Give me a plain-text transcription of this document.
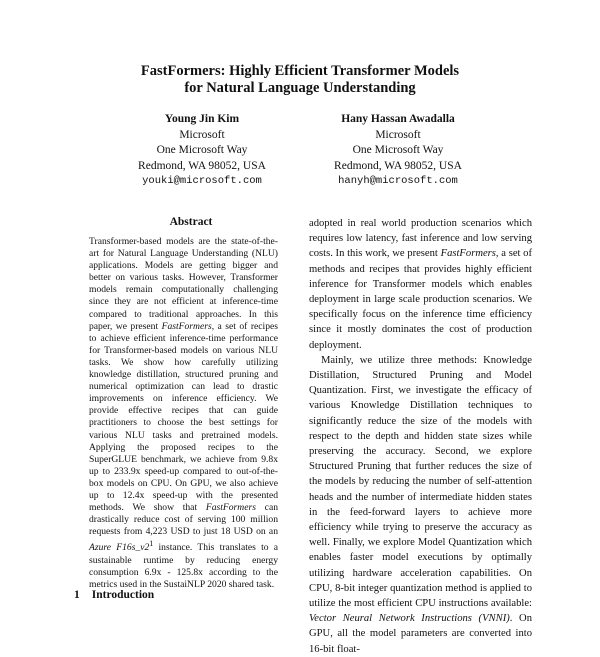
FastFormers: Highly Efficient Transformer Models
for Natural Language Understanding
Young Jin Kim
Microsoft
One Microsoft Way
Redmond, WA 98052, USA
youki@microsoft.com
Hany Hassan Awadalla
Microsoft
One Microsoft Way
Redmond, WA 98052, USA
hanyh@microsoft.com
Abstract
Transformer-based models are the state-of-the-art for Natural Language Understanding (NLU) applications. Models are getting bigger and better on various tasks. However, Transformer models remain computationally challenging since they are not efficient at inference-time compared to traditional approaches. In this paper, we present FastFormers, a set of recipes to achieve efficient inference-time performance for Transformer-based models on various NLU tasks. We show how carefully utilizing knowledge distillation, structured pruning and numerical optimization can lead to drastic improvements on inference efficiency. We provide effective recipes that can guide practitioners to choose the best settings for various NLU tasks and pretrained models. Applying the proposed recipes to the SuperGLUE benchmark, we achieve from 9.8x up to 233.9x speed-up compared to out-of-the-box models on CPU. On GPU, we also achieve up to 12.4x speed-up with the presented methods. We show that FastFormers can drastically reduce cost of serving 100 million requests from 4,223 USD to just 18 USD on an Azure $F16s\_v2^1$ instance. This translates to a sustainable runtime by reducing energy consumption 6.9x - 125.8x according to the metrics used in the SustaiNLP 2020 shared task.

adopted in real world production scenarios which requires low latency, fast inference and low serving costs. In this work, we present FastFormers, a set of methods and recipes that provides highly efficient inference for Transformer models which enables deployment in large scale production scenarios. We specifically focus on the inference time efficiency since it mostly dominates the cost of production deployment.

Mainly, we utilize three methods: Knowledge Distillation, Structured Pruning and Model Quantization. First, we investigate the efficacy of various Knowledge Distillation techniques to significantly reduce the size of the models with respect to the depth and hidden state sizes while preserving the accuracy. Second, we explore Structured Pruning that further reduces the size of the models by reducing the number of self-attention heads and the number of intermediate hidden states in the feed-forward layers to achieve more efficiency while trying to preserve the accuracy as well. Finally, we explore Model Quantization which enables faster model executions by optimally utilizing hardware acceleration capabilities. On CPU, 8-bit integer quantization method is applied to utilize the most efficient CPU instructions available: Vector Neural Network Instructions (VNNI). On GPU, all the model parameters are converted into 16-bit float-

1 Introduction
